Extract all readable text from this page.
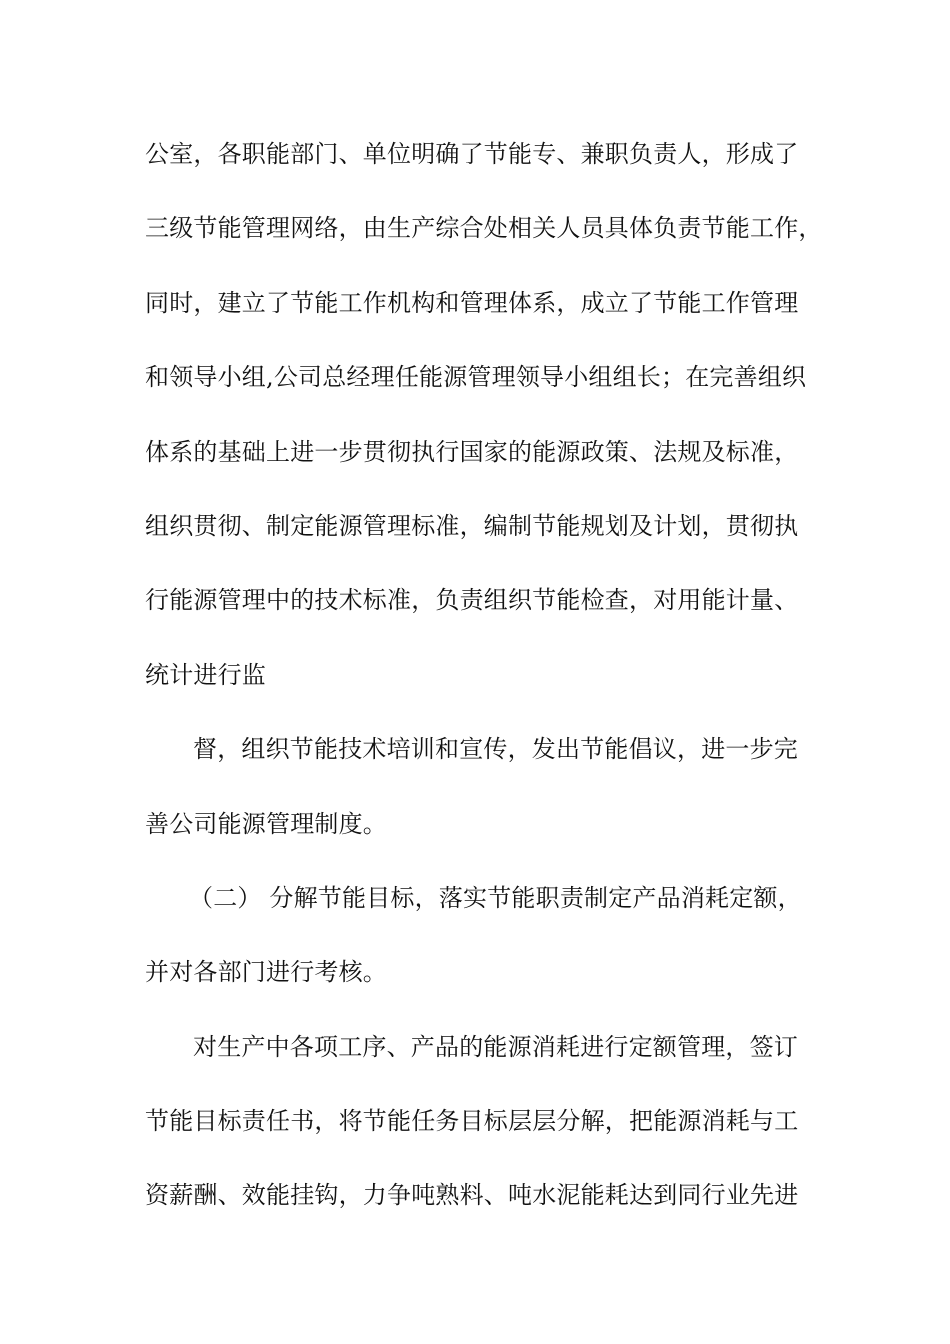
公室，各职能部门、单位明确了节能专、兼职负责人，形成了
三级节能管理网络，由生产综合处相关人员具体负责节能工作，
同时，建立了节能工作机构和管理体系，成立了节能工作管理
和领导小组,公司总经理任能源管理领导小组组长；在完善组织
体系的基础上进一步贯彻执行国家的能源政策、法规及标准，
组织贯彻、制定能源管理标准，编制节能规划及计划，贯彻执
行能源管理中的技术标准，负责组织节能检查，对用能计量、
统计进行监
督，组织节能技术培训和宣传，发出节能倡议，进一步完
善公司能源管理制度。
（二） 分解节能目标，落实节能职责制定产品消耗定额，
并对各部门进行考核。
对生产中各项工序、产品的能源消耗进行定额管理，签订
节能目标责任书，将节能任务目标层层分解，把能源消耗与工
资薪酬、效能挂钩，力争吨熟料、吨水泥能耗达到同行业先进
